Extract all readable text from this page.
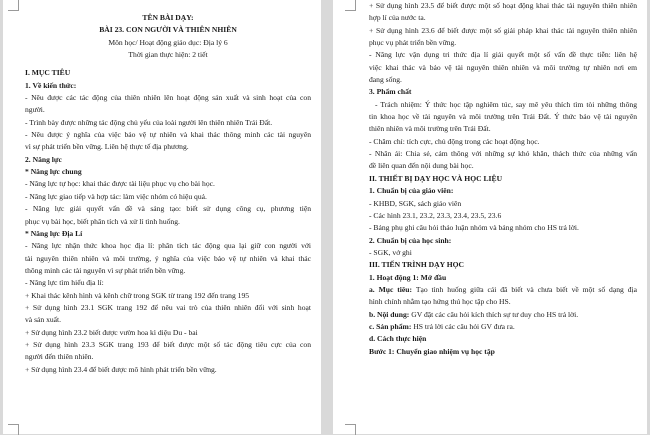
TÊN BÀI DẠY:
BÀI 23. CON NGƯỜI VÀ THIÊN NHIÊN
Môn học/ Hoạt động giáo dục: Địa lý 6
Thời gian thực hiện: 2 tiết
I. MỤC TIÊU
1. Về kiến thức:
- Nêu được các tác động của thiên nhiên lên hoạt động sản xuất và sinh hoạt của con
người.
- Trình bày được những tác động chủ yếu của loài người lên thiên nhiên Trái Đất.
- Nêu được ý nghĩa của việc bảo vệ tự nhiên và khai thác thông minh các tài nguyên
vì sự phát triển bền vững. Liên hệ thực tế địa phương.
2. Năng lực
* Năng lực chung
- Năng lực tự học: khai thác được tài liệu phục vụ cho bài học.
- Năng lực giao tiếp và hợp tác: làm việc nhóm có hiệu quả.
- Năng lực giải quyết vấn đề và sáng tạo: biết sử dụng công cụ, phương tiện
phục vụ bài học, biết phân tích và xử lí tình huống.
* Năng lực Địa Lí
- Năng lực nhận thức khoa học địa lí: phân tích tác động qua lại giữ con người với
tài nguyên thiên nhiên và môi trường, ý nghĩa của việc bảo vệ tự nhiên và khai thác
thông minh các tài nguyên vì sự phát triển bền vững.
- Năng lực tìm hiểu địa lí:
+ Khai thác kênh hình và kênh chữ trong SGK từ trang 192 đến trang 195
+ Sử dụng hình 23.1 SGK trang 192 để nêu vai trò của thiên nhiên đối với sinh hoạt
và sản xuất.
+ Sử dụng hình 23.2 biết được vườn hoa kì diệu Du - bai
+ Sử dụng hình 23.3 SGK trang 193 để biết được một số tác động tiêu cực của con
người đến thiên nhiên.
+ Sử dụng hình 23.4 để biết được mô hình phát triển bền vững.
+ Sử dụng hình 23.5 để biết được một số hoạt động khai thác tài nguyên thiên nhiên
hợp lí của nước ta.
+ Sử dụng hình 23.6 để biết được một số giải pháp khai thác tài nguyên thiên nhiên
phục vụ phát triển bền vững.
- Năng lực vận dụng tri thức địa lí giải quyết một số vấn đề thực tiễn: liên hệ
việc khai thác và bảo vệ tài nguyên thiên nhiên và môi trường tự nhiên nơi em
đang sống.
3. Phẩm chất
- Trách nhiệm: Ý thức học tập nghiêm túc, say mê yêu thích tìm tòi những thông
tin khoa học về tài nguyên và môi trường trên Trái Đất. Ý thức bảo vệ tài nguyên
thiên nhiên và môi trường trên Trái Đất.
- Chăm chỉ: tích cực, chủ động trong các hoạt động học.
- Nhân ái: Chia sẻ, cảm thông với những sự khó khăn, thách thức của những vấn
đề liên quan đến nội dung bài học.
II. THIẾT BỊ DẠY HỌC VÀ HỌC LIỆU
1. Chuẩn bị của giáo viên:
- KHBD, SGK, sách giáo viên
- Các hình 23.1, 23.2, 23.3, 23.4, 23.5, 23.6
- Bảng phụ ghi câu hỏi thảo luận nhóm và bảng nhóm cho HS trả lời.
2. Chuẩn bị của học sinh:
- SGK, vở ghi
III. TIẾN TRÌNH DẠY HỌC
1. Hoạt động 1: Mở đầu
a. Mục tiêu: Tạo tình huống giữa cái đã biết và chưa biết về một số dạng địa
hình chính nhằm tạo hứng thú học tập cho HS.
b. Nội dung: GV đặt các câu hỏi kích thích sự tư duy cho HS trả lời.
c. Sản phẩm: HS trả lời các câu hỏi GV đưa ra.
d. Cách thực hiện
Bước 1: Chuyển giao nhiệm vụ học tập
